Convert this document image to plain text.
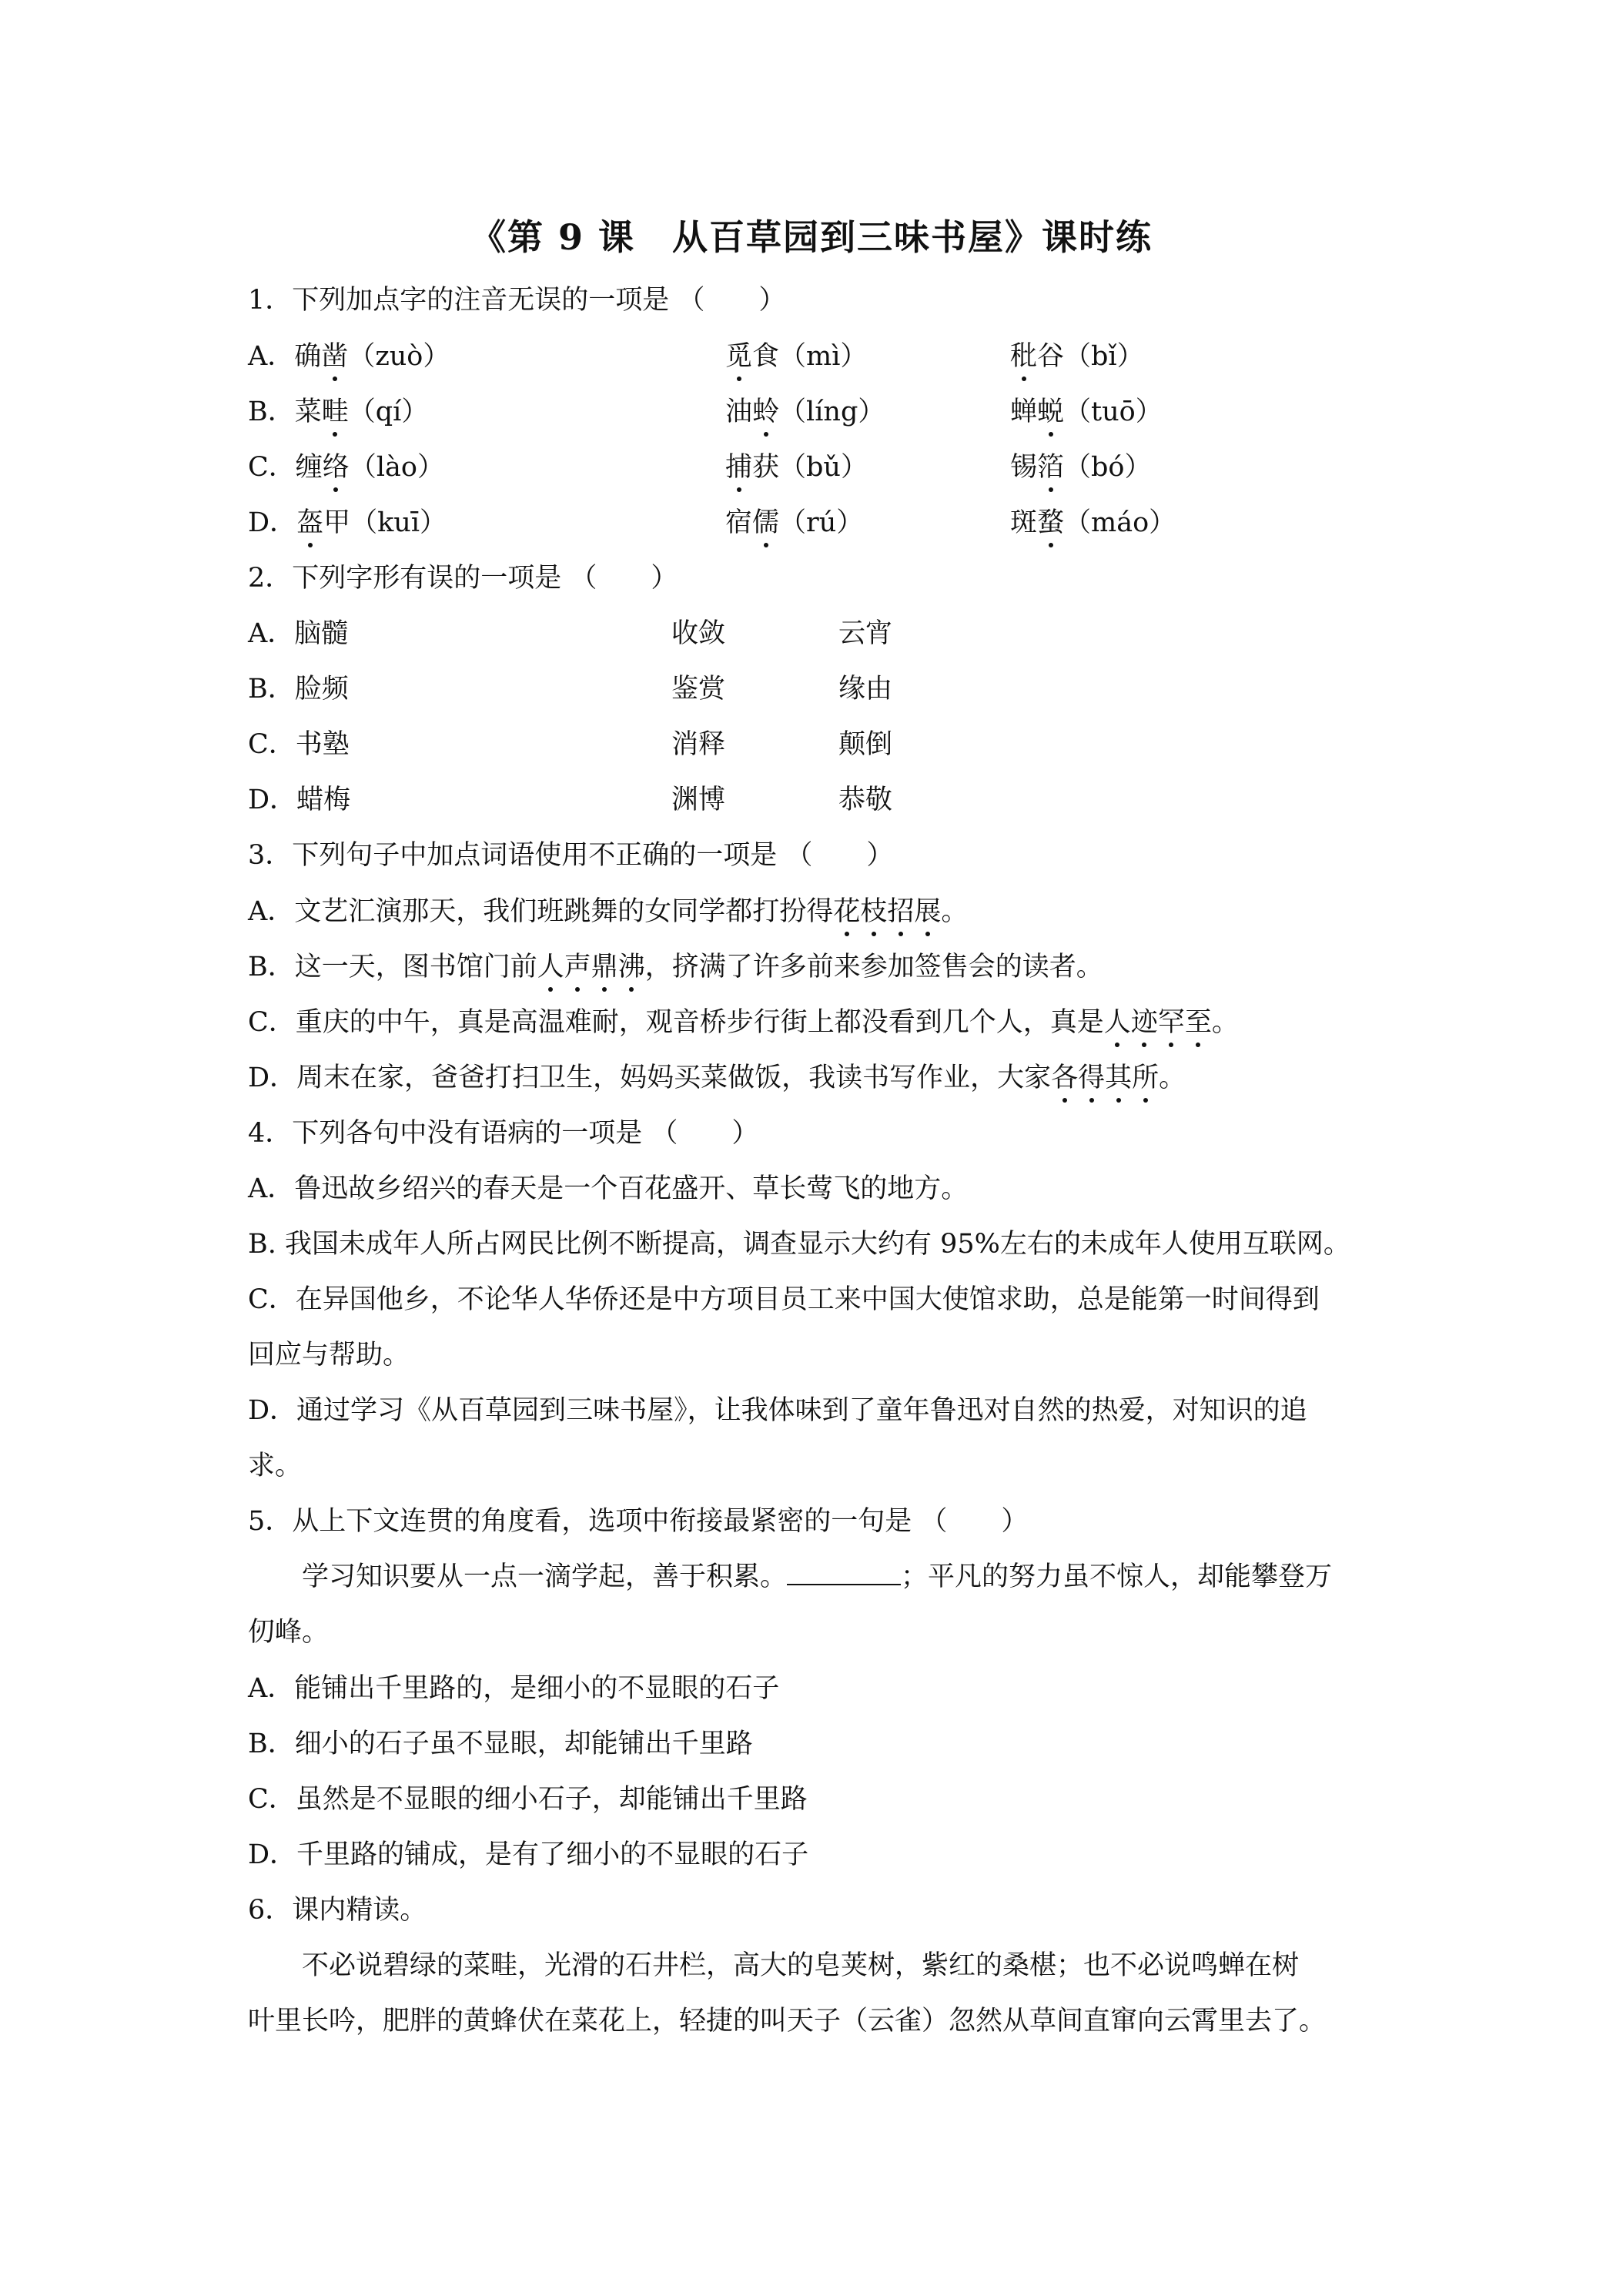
《第 9 课　从百草园到三味书屋》课时练
1．下列加点字的注音无误的一项是 （　　）
A．确凿（zuò）	觅食（mì）	秕谷（bǐ）
B．菜畦（qí）	油蛉（líng）	蝉蜕（tuō）
C．缠络（lào）	捕获（bǔ）	锡箔（bó）
D．盔甲（kuī）	宿儒（rú）	斑蝥（máo）
2．下列字形有误的一项是 （　　）
A．脑髓	收敛	云宵
B．脸频	鉴赏	缘由
C．书塾	消释	颠倒
D．蜡梅	渊博	恭敬
3．下列句子中加点词语使用不正确的一项是 （　　）
A．文艺汇演那天，我们班跳舞的女同学都打扮得花枝招展。
B．这一天，图书馆门前人声鼎沸，挤满了许多前来参加签售会的读者。
C．重庆的中午，真是高温难耐，观音桥步行街上都没看到几个人，真是人迹罕至。
D．周末在家，爸爸打扫卫生，妈妈买菜做饭，我读书写作业，大家各得其所。
4．下列各句中没有语病的一项是 （　　）
A．鲁迅故乡绍兴的春天是一个百花盛开、草长莺飞的地方。
B. 我国未成年人所占网民比例不断提高，调查显示大约有 95%左右的未成年人使用互联网。
C．在异国他乡，不论华人华侨还是中方项目员工来中国大使馆求助，总是能第一时间得到
回应与帮助。
D．通过学习《从百草园到三味书屋》，让我体味到了童年鲁迅对自然的热爱，对知识的追
求。
5．从上下文连贯的角度看，选项中衔接最紧密的一句是 （　　）
学习知识要从一点一滴学起，善于积累。	；平凡的努力虽不惊人，却能攀登万
仞峰。
A．能铺出千里路的，是细小的不显眼的石子
B．细小的石子虽不显眼，却能铺出千里路
C．虽然是不显眼的细小石子，却能铺出千里路
D．千里路的铺成，是有了细小的不显眼的石子
6．课内精读。
不必说碧绿的菜畦，光滑的石井栏，高大的皂荚树，紫红的桑椹；也不必说鸣蝉在树
叶里长吟，肥胖的黄蜂伏在菜花上，轻捷的叫天子（云雀）忽然从草间直窜向云霄里去了。
